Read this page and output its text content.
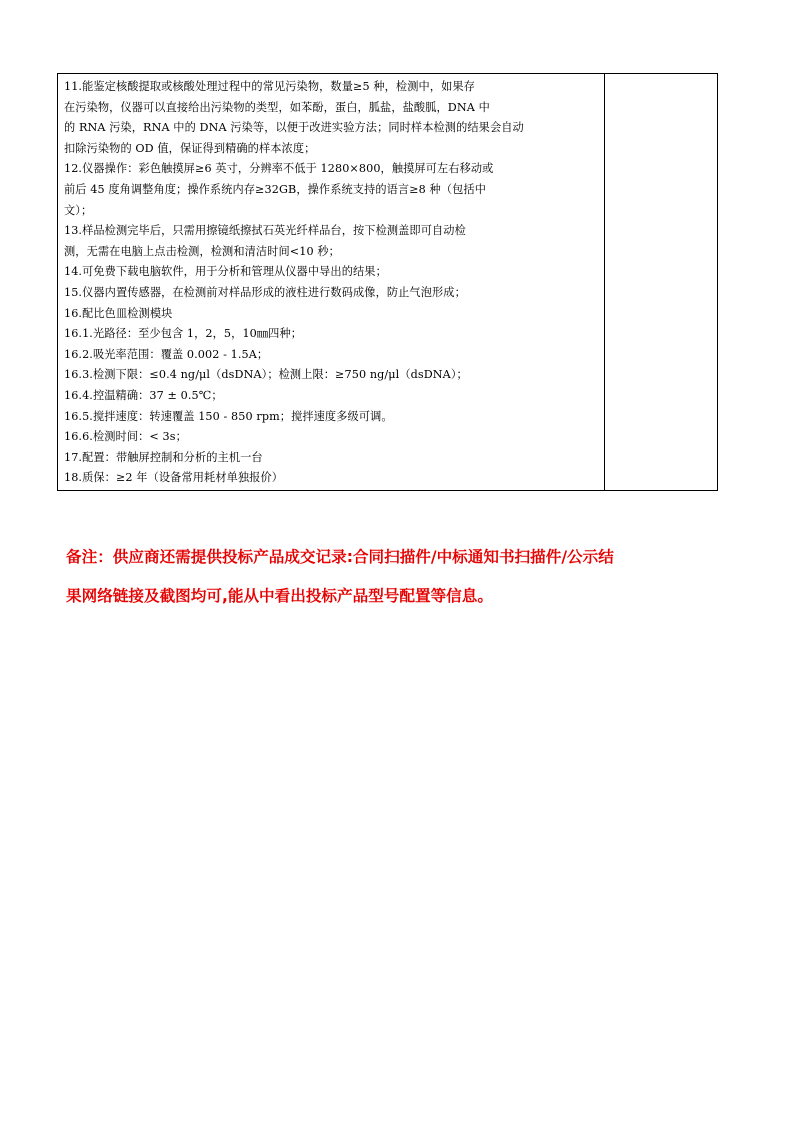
11.能鉴定核酸提取或核酸处理过程中的常见污染物，数量≥5 种，检测中，如果存
在污染物，仪器可以直接给出污染物的类型，如苯酚，蛋白，胍盐，盐酸胍，DNA 中
的 RNA 污染，RNA 中的 DNA 污染等，以便于改进实验方法；同时样本检测的结果会自动
扣除污染物的 OD 值，保证得到精确的样本浓度；
12.仪器操作：彩色触摸屏≥6 英寸，分辨率不低于 1280×800，触摸屏可左右移动或
前后 45 度角调整角度；操作系统内存≥32GB，操作系统支持的语言≥8 种（包括中
文）；
13.样品检测完毕后，只需用擦镜纸擦拭石英光纤样品台，按下检测盖即可自动检
测，无需在电脑上点击检测，检测和清洁时间<10 秒；
14.可免费下载电脑软件，用于分析和管理从仪器中导出的结果；
15.仪器内置传感器，在检测前对样品形成的液柱进行数码成像，防止气泡形成；
16.配比色皿检测模块
16.1.光路径：至少包含 1，2，5，10㎜四种；
16.2.吸光率范围：覆盖 0.002 - 1.5A；
16.3.检测下限：≤0.4 ng/μl（dsDNA）；检测上限：≥750 ng/μl（dsDNA）；
16.4.控温精确：37 ± 0.5℃；
16.5.搅拌速度：转速覆盖 150 - 850 rpm；搅拌速度多级可调。
16.6.检测时间：< 3s；
17.配置：带触屏控制和分析的主机一台
18.质保：≥2 年（设备常用耗材单独报价）
备注：供应商还需提供投标产品成交记录:合同扫描件/中标通知书扫描件/公示结
果网络链接及截图均可,能从中看出投标产品型号配置等信息。
